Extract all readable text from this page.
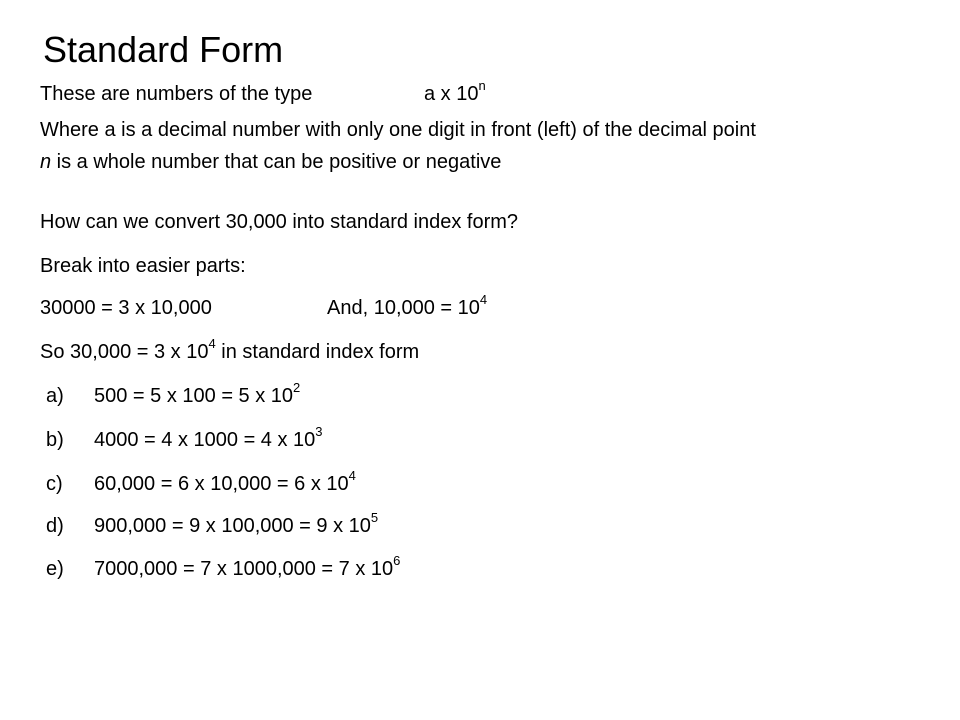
Standard Form
These are numbers of the type	a x 10$^n$
Where a is a decimal number with only one digit in front (left) of the decimal point
n is a whole number that can be positive or negative
How can we convert 30,000 into standard index form?
Break into easier parts:
30000 = 3 x 10,000	And, $10,000 = 10^4$
So 30,000 = 3 x $10^4$ in standard index form
a) 500 = 5 x 100 = 5 x $10^2$
b) 4000 = 4 x 1000 = 4 x $10^3$
c) 60,000 = 6 x 10,000 = 6 x $10^4$
d) 900,000 = 9 x 100,000 = 9 x $10^5$
e) 7000,000 = 7 x 1000,000 = 7 x $10^6$
